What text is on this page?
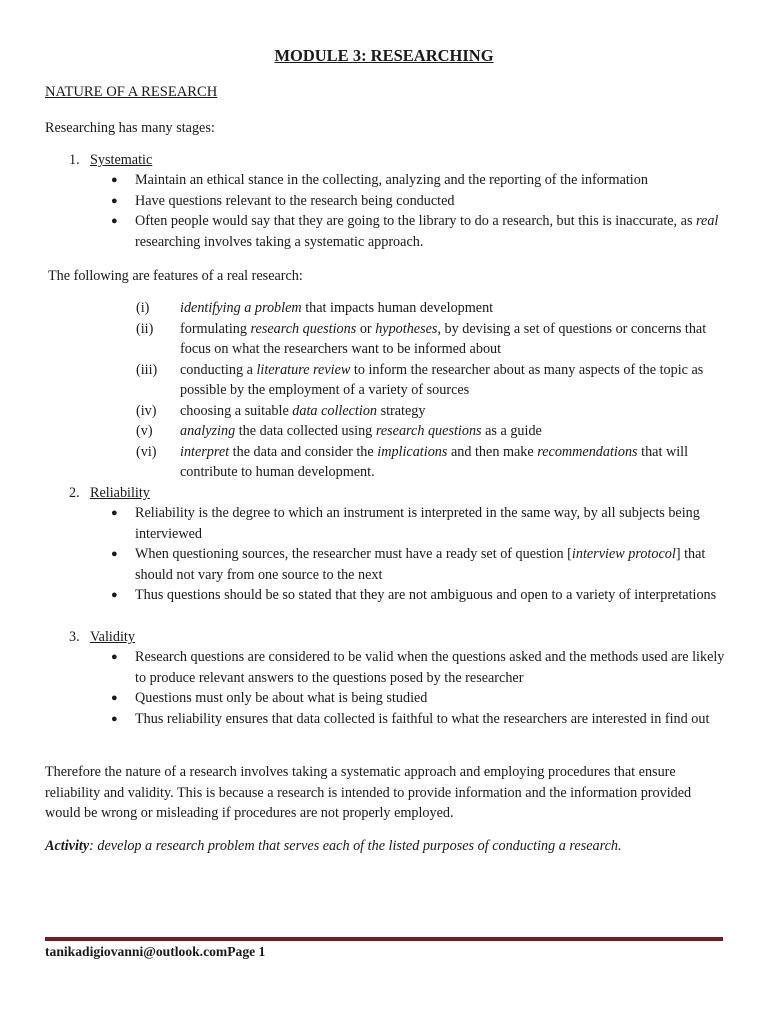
MODULE 3: RESEARCHING
NATURE OF A RESEARCH
Researching has many stages:
1. Systematic
● Maintain an ethical stance in the collecting, analyzing and the reporting of the information
● Have questions relevant to the research being conducted
● Often people would say that they are going to the library to do a research, but this is inaccurate, as real researching involves taking a systematic approach.
The following are features of a real research:
(i) identifying a problem that impacts human development
(ii) formulating research questions or hypotheses, by devising a set of questions or concerns that focus on what the researchers want to be informed about
(iii) conducting a literature review to inform the researcher about as many aspects of the topic as possible by the employment of a variety of sources
(iv) choosing a suitable data collection strategy
(v) analyzing the data collected using research questions as a guide
(vi) interpret the data and consider the implications and then make recommendations that will contribute to human development.
2. Reliability
● Reliability is the degree to which an instrument is interpreted in the same way, by all subjects being interviewed
● When questioning sources, the researcher must have a ready set of question [interview protocol] that should not vary from one source to the next
● Thus questions should be so stated that they are not ambiguous and open to a variety of interpretations
3. Validity
● Research questions are considered to be valid when the questions asked and the methods used are likely to produce relevant answers to the questions posed by the researcher
● Questions must only be about what is being studied
● Thus reliability ensures that data collected is faithful to what the researchers are interested in find out
Therefore the nature of a research involves taking a systematic approach and employing procedures that ensure reliability and validity. This is because a research is intended to provide information and the information provided would be wrong or misleading if procedures are not properly employed.
Activity: develop a research problem that serves each of the listed purposes of conducting a research.
tanikadigiovanni@outlook.comPage 1
